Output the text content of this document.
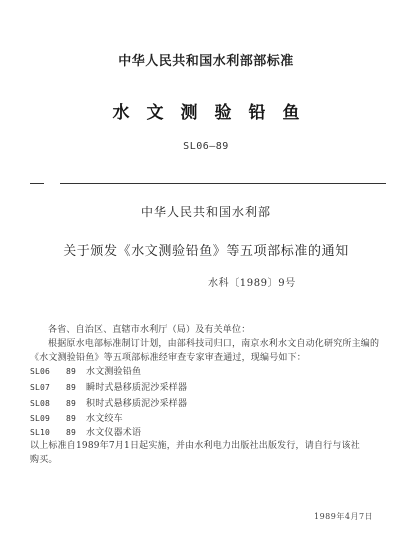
中华人民共和国水利部部标准
水文测验铅鱼
SL06—89
中华人民共和国水利部
关于颁发《水文测验铅鱼》等五项部标准的通知
水科〔1989〕9号
各省、自治区、直辖市水利厅（局）及有关单位：
根据原水电部标准制订计划，由部科技司归口，南京水利水文自动化研究所主编的
《水文测验铅鱼》等五项部标准经审查专家审查通过，现编号如下：
SL06 89 水文测验铅鱼
SL07 89 瞬时式悬移质泥沙采样器
SL08 89 积时式悬移质泥沙采样器
SL09 89 水文绞车
SL10 89 水文仪器术语
以上标准自1989年7月1日起实施，并由水利电力出版社出版发行，请自行与该社
购买。
1989年4月7日
